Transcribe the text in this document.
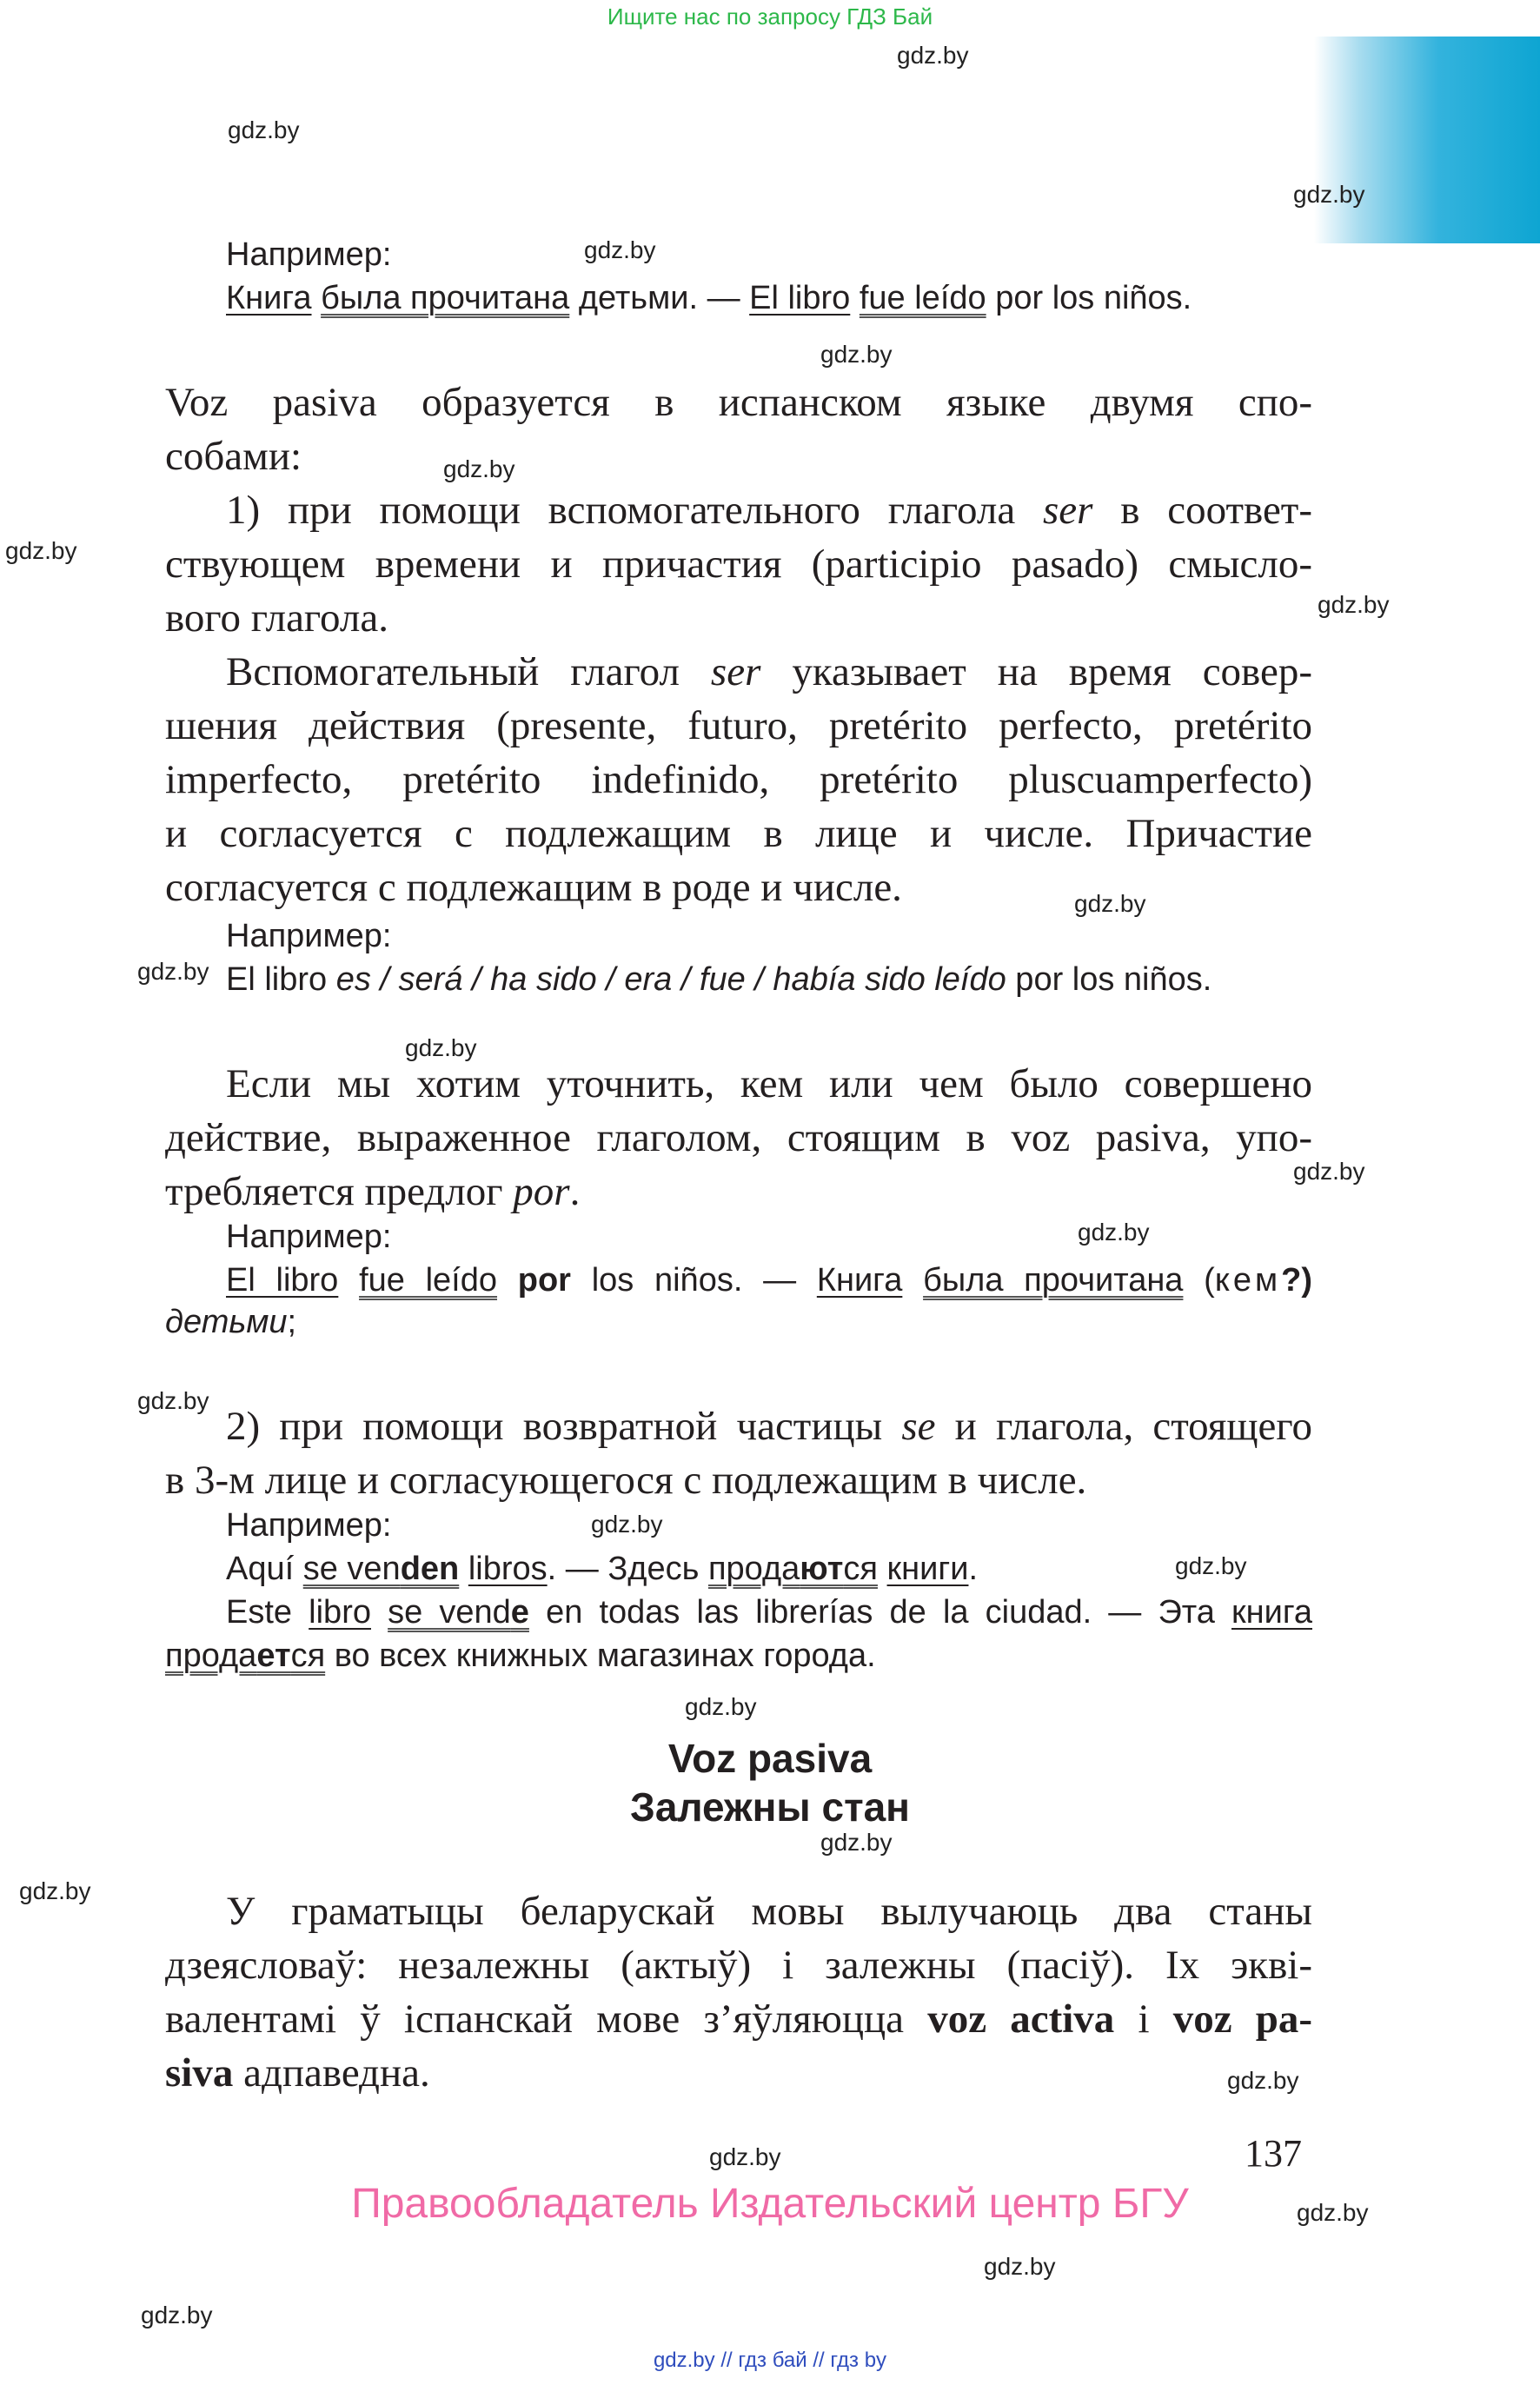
Ищите нас по запросу ГДЗ Бай
gdz.by
gdz.by
gdz.by
gdz.by
gdz.by
gdz.by
gdz.by
gdz.by
gdz.by
gdz.by
gdz.by
gdz.by
gdz.by
gdz.by
gdz.by
gdz.by
gdz.by
gdz.by
gdz.by
gdz.by
gdz.by
gdz.by
gdz.by
gdz.by
Например:
Книга была прочитана детьми. — El libro fue leído por los niños.
Voz pasiva образуется в испанском языке двумя спо-
собами:
1) при помощи вспомогательного глагола ser в соответ-
ствующем времени и причастия (participio pasado) смысло-
вого глагола.
Вспомогательный глагол ser указывает на время совер-
шения действия (presente, futuro, pretérito perfecto, pretérito
imperfecto, pretérito indefinido, pretérito pluscuamperfecto)
и согласуется с подлежащим в лице и числе. Причастие
согласуется с подлежащим в роде и числе.
Например:
El libro es / será / ha sido / era / fue / había sido leído por los niños.
Если мы хотим уточнить, кем или чем было совершено
действие, выраженное глаголом, стоящим в voz pasiva, упо-
требляется предлог por.
Например:
El libro fue leído por los niños. — Книга была прочитана (кем?)
детьми;
2) при помощи возвратной частицы se и глагола, стоящего
в 3-м лице и согласующегося с подлежащим в числе.
Например:
Aquí se venden libros. — Здесь продаются книги.
Este libro se vende en todas las librerías de la ciudad. — Эта книга
продается во всех книжных магазинах города.
Voz pasiva
Залежны стан
У граматыцы беларускай мовы вылучаюць два станы
дзеясловаў: незалежны (актыў) і залежны (пасіў). Іх эквi-
валентамі ў іспанскай мове з’яўляюцца voz activa і voz pa-
siva адпаведна.
137
Правообладатель Издательский центр БГУ
gdz.by // гдз бай // гдз by
